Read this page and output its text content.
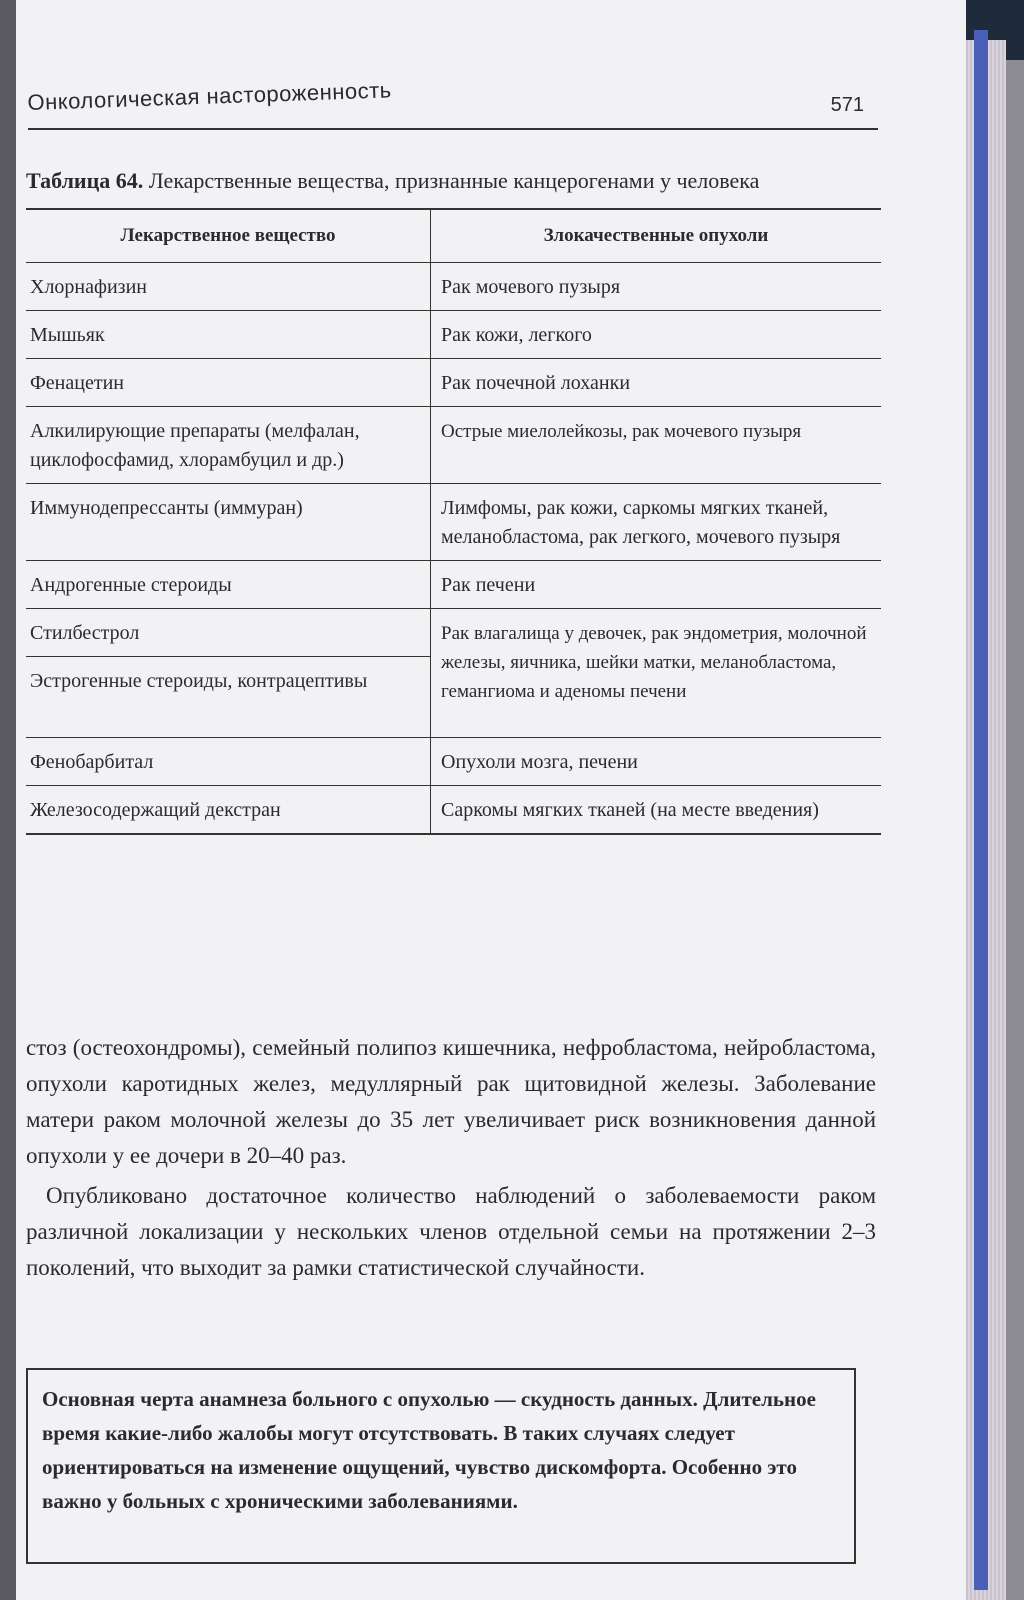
Онкологическая настороженность	571
Таблица 64. Лекарственные вещества, признанные канцерогенами у человека
Лекарственное вещество	Злокачественные опухоли
Хлорнафизин	Рак мочевого пузыря
Мышьяк	Рак кожи, легкого
Фенацетин	Рак почечной лоханки
Алкилирующие препараты (мелфалан, циклофосфамид, хлорамбуцил и др.)	Острые миелолейкозы, рак мочевого пузыря
Иммунодепрессанты (иммуран)	Лимфомы, рак кожи, саркомы мягких тканей, меланобластома, рак легкого, мочевого пузыря
Андрогенные стероиды	Рак печени
Стилбестрол	Рак влагалища у девочек, рак эндометрия, молочной железы, яичника, шейки матки, меланобластома, гемангиома и аденомы печени
Эстрогенные стероиды, контрацептивы	
Фенобарбитал	Опухоли мозга, печени
Железосодержащий декстран	Саркомы мягких тканей (на месте введения)

стоз (остеохондромы), семейный полипоз кишечника, нефробластома, нейробластома, опухоли каротидных желез, медуллярный рак щитовидной железы. Заболевание матери раком молочной железы до 35 лет увеличивает риск возникновения данной опухоли у ее дочери в 20–40 раз.

Опубликовано достаточное количество наблюдений о заболеваемости раком различной локализации у нескольких членов отдельной семьи на протяжении 2–3 поколений, что выходит за рамки статистической случайности.

Основная черта анамнеза больного с опухолью — скудность данных. Длительное время какие-либо жалобы могут отсутствовать. В таких случаях следует ориентироваться на изменение ощущений, чувство дискомфорта. Особенно это важно у больных с хроническими заболеваниями.
